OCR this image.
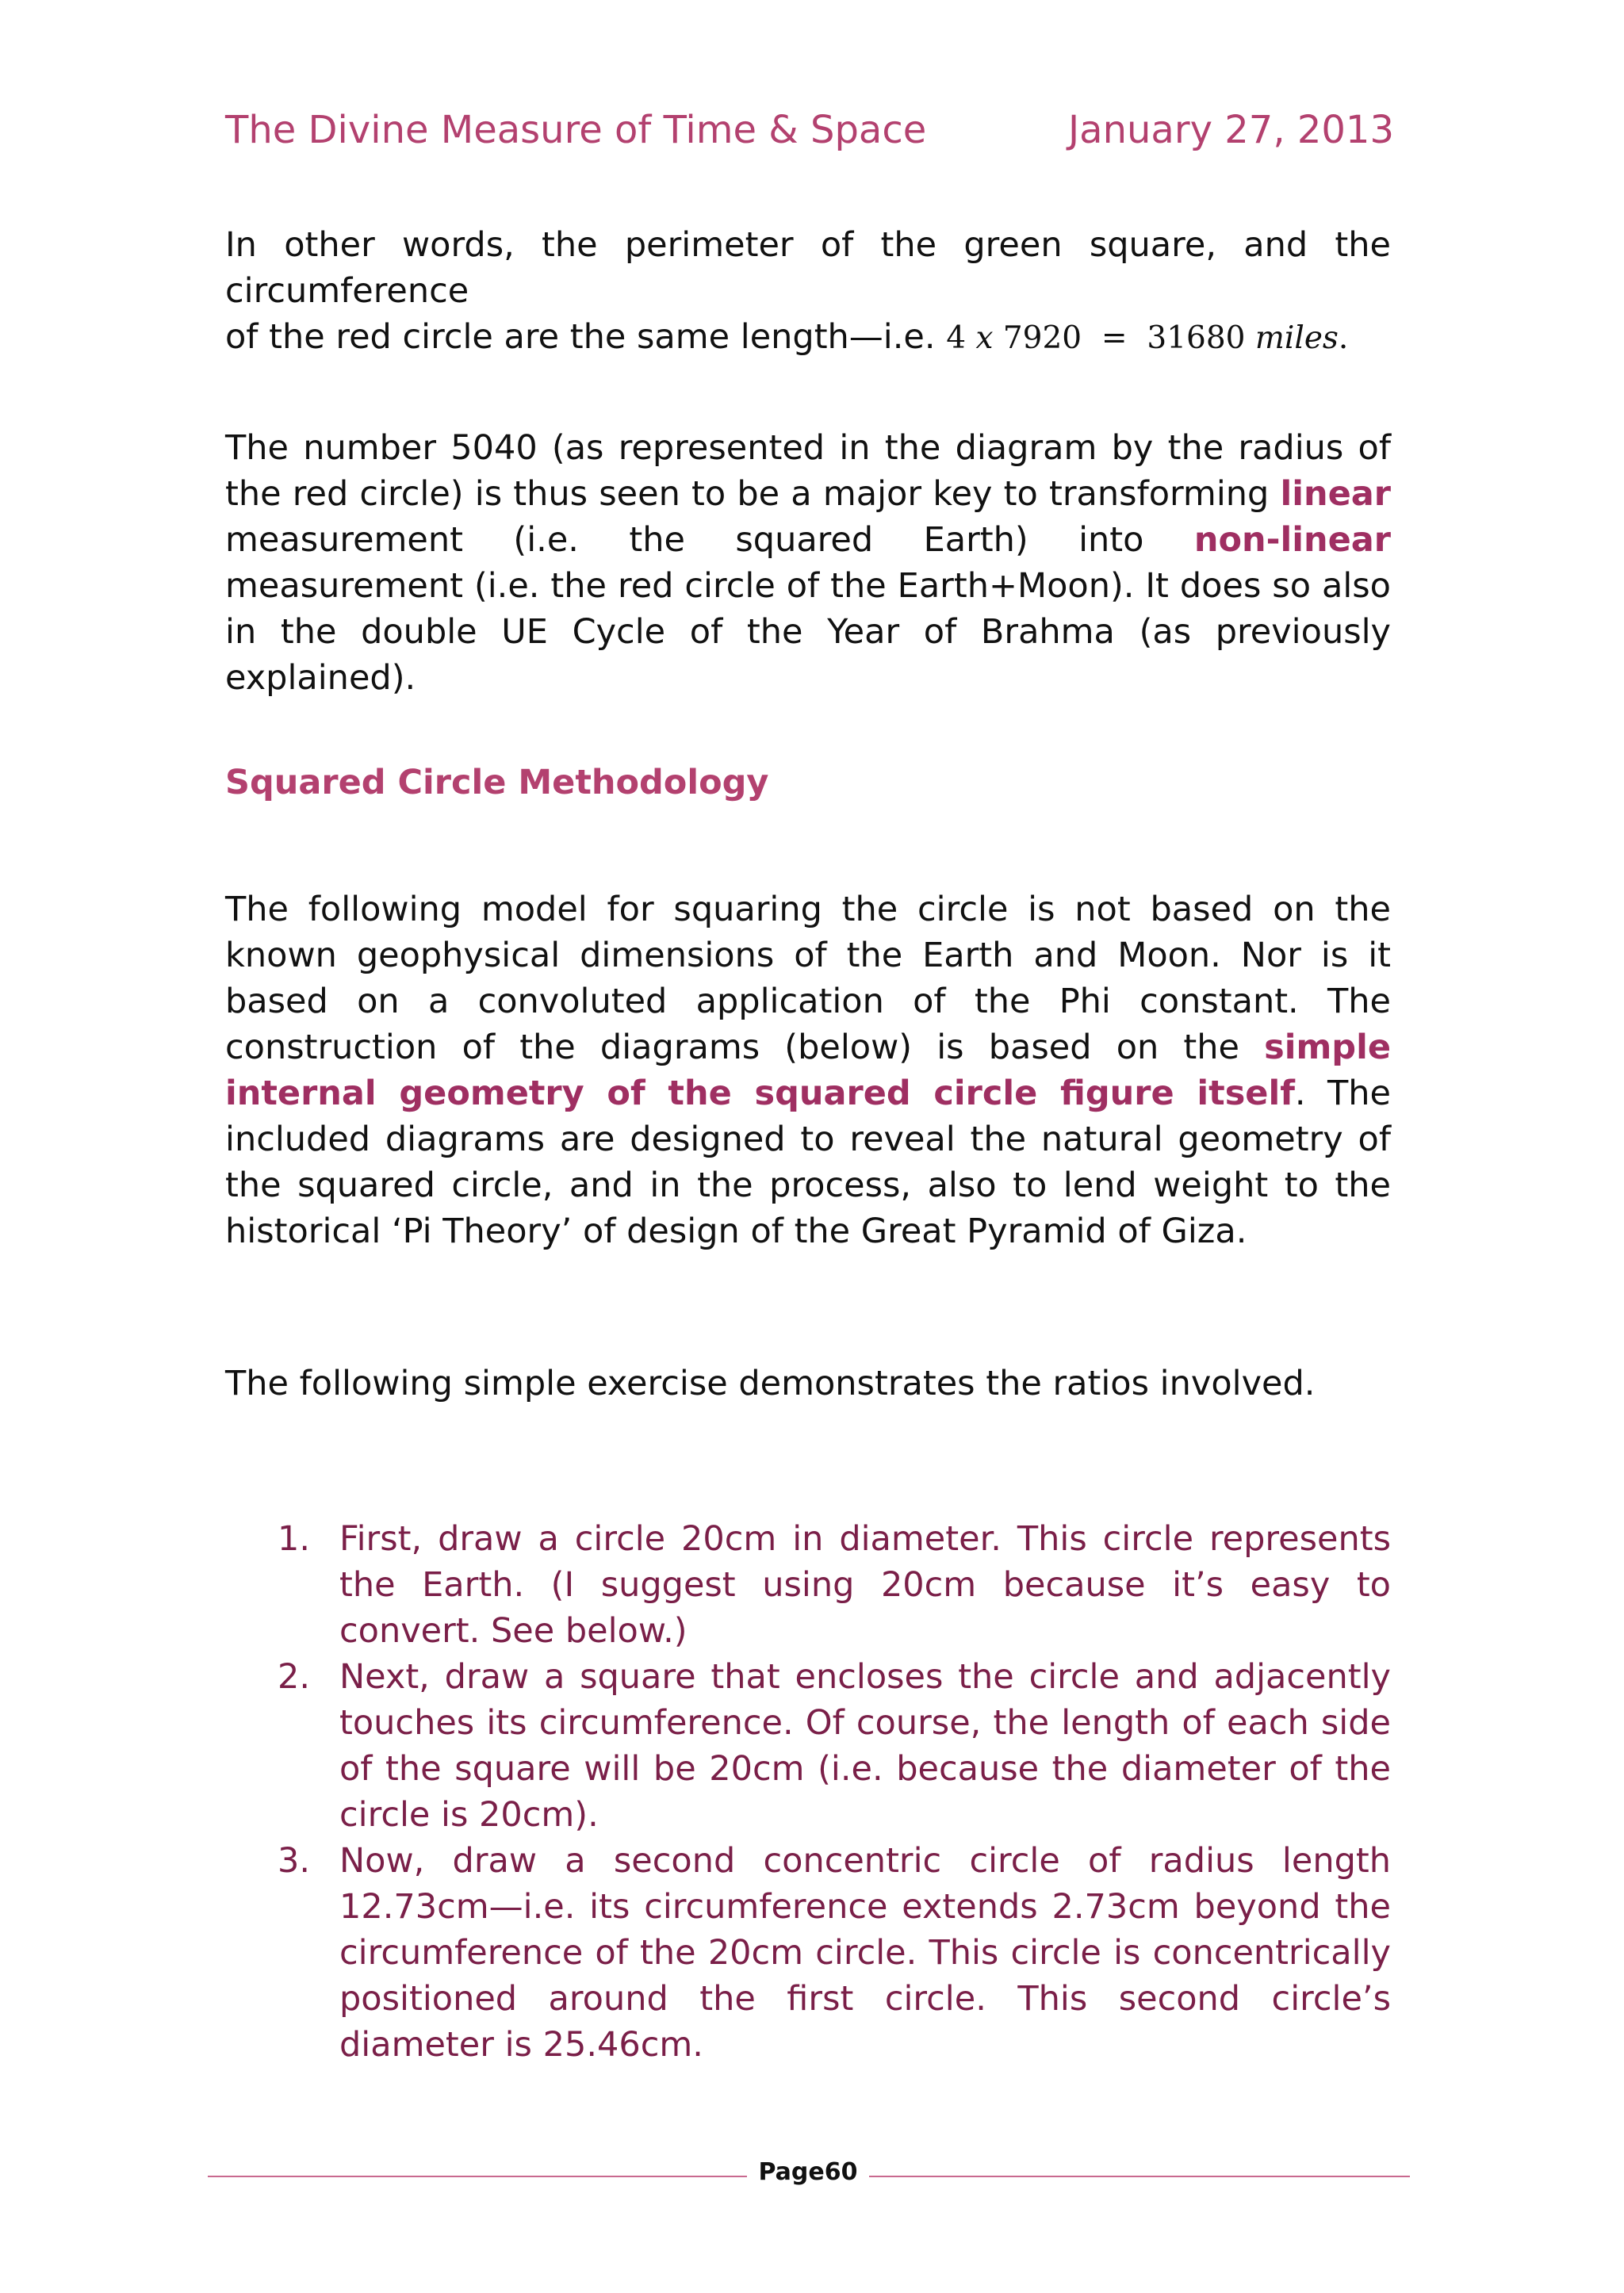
The Divine Measure of Time & Space	January 27, 2013
In other words, the perimeter of the green square, and the circumference
of the red circle are the same length—i.e. 4 x 7920 = 31680 miles.
The number 5040 (as represented in the diagram by the radius of the red circle) is thus seen to be a major key to transforming linear measurement (i.e. the squared Earth) into non-linear measurement (i.e. the red circle of the Earth+Moon). It does so also in the double UE Cycle of the Year of Brahma (as previously explained).
Squared Circle Methodology
The following model for squaring the circle is not based on the known geophysical dimensions of the Earth and Moon. Nor is it based on a convoluted application of the Phi constant. The construction of the diagrams (below) is based on the simple internal geometry of the squared circle figure itself. The included diagrams are designed to reveal the natural geometry of the squared circle, and in the process, also to lend weight to the historical ‘Pi Theory’ of design of the Great Pyramid of Giza.
The following simple exercise demonstrates the ratios involved.
1. First, draw a circle 20cm in diameter. This circle represents the Earth. (I suggest using 20cm because it’s easy to convert. See below.)
2. Next, draw a square that encloses the circle and adjacently touches its circumference. Of course, the length of each side of the square will be 20cm (i.e. because the diameter of the circle is 20cm).
3. Now, draw a second concentric circle of radius length 12.73cm—i.e. its circumference extends 2.73cm beyond the circumference of the 20cm circle. This circle is concentrically positioned around the first circle. This second circle’s diameter is 25.46cm.
Page60
